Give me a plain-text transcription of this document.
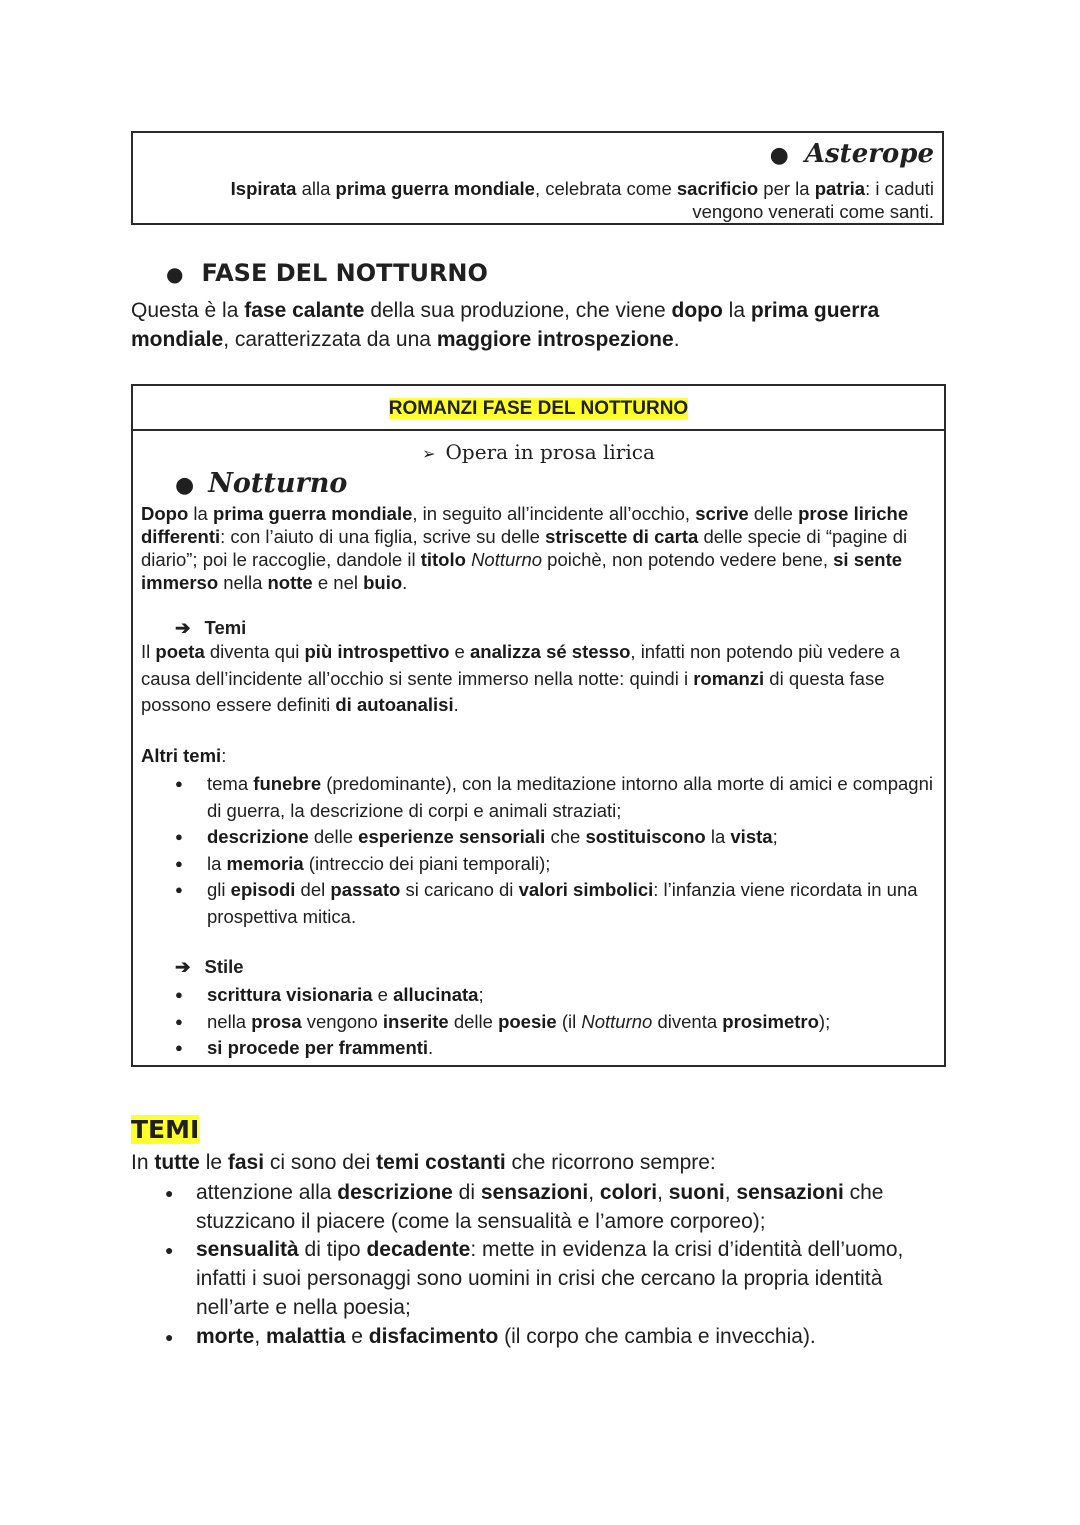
● Asterope
Ispirata alla prima guerra mondiale, celebrata come sacrificio per la patria: i caduti vengono venerati come santi.
● FASE DEL NOTTURNO
Questa è la fase calante della sua produzione, che viene dopo la prima guerra mondiale, caratterizzata da una maggiore introspezione.
ROMANZI FASE DEL NOTTURNO
➢ Opera in prosa lirica
● Notturno
Dopo la prima guerra mondiale, in seguito all’incidente all’occhio, scrive delle prose liriche differenti: con l’aiuto di una figlia, scrive su delle striscette di carta delle specie di “pagine di diario”; poi le raccoglie, dandole il titolo Notturno poichè, non potendo vedere bene, si sente immerso nella notte e nel buio.
➔ Temi
Il poeta diventa qui più introspettivo e analizza sé stesso, infatti non potendo più vedere a causa dell’incidente all’occhio si sente immerso nella notte: quindi i romanzi di questa fase possono essere definiti di autoanalisi.
Altri temi:
● tema funebre (predominante), con la meditazione intorno alla morte di amici e compagni di guerra, la descrizione di corpi e animali straziati;
● descrizione delle esperienze sensoriali che sostituiscono la vista;
● la memoria (intreccio dei piani temporali);
● gli episodi del passato si caricano di valori simbolici: l’infanzia viene ricordata in una prospettiva mitica.
➔ Stile
● scrittura visionaria e allucinata;
● nella prosa vengono inserite delle poesie (il Notturno diventa prosimetro);
● si procede per frammenti.
TEMI
In tutte le fasi ci sono dei temi costanti che ricorrono sempre:
● attenzione alla descrizione di sensazioni, colori, suoni, sensazioni che stuzzicano il piacere (come la sensualità e l’amore corporeo);
● sensualità di tipo decadente: mette in evidenza la crisi d’identità dell’uomo, infatti i suoi personaggi sono uomini in crisi che cercano la propria identità nell’arte e nella poesia;
● morte, malattia e disfacimento (il corpo che cambia e invecchia).
